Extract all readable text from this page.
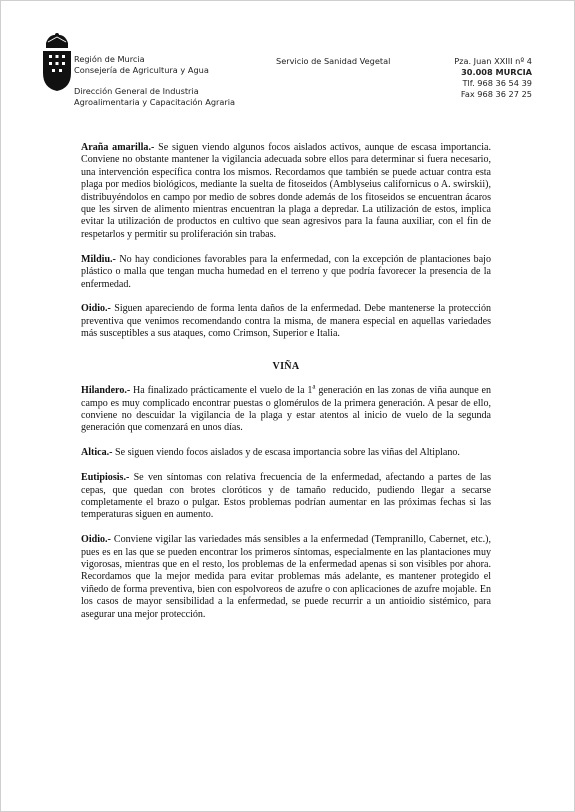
Región de Murcia
Consejería de Agricultura y Agua
Dirección General de Industria
Agroalimentaria y Capacitación Agraria
Servicio de Sanidad Vegetal	Pza. Juan XXIII nº 4
30.008 MURCIA
Tlf. 968 36 54 39
Fax 968 36 27 25

Araña amarilla.- Se siguen viendo algunos focos aislados activos, aunque de escasa importancia. Conviene no obstante mantener la vigilancia adecuada sobre ellos para determinar si fuera necesario, una intervención específica contra los mismos. Recordamos que también se puede actuar contra esta plaga por medios biológicos, mediante la suelta de fitoseidos (Amblyseius californicus o A. swirskii), distribuyéndolos en campo por medio de sobres donde además de los fitoseidos se encuentran ácaros que les sirven de alimento mientras encuentran la plaga a depredar. La utilización de estos, implica evitar la utilización de productos en cultivo que sean agresivos para la fauna auxiliar, con el fin de respetarlos y permitir su proliferación sin trabas.

Mildiu.- No hay condiciones favorables para la enfermedad, con la excepción de plantaciones bajo plástico o malla que tengan mucha humedad en el terreno y que podría favorecer la presencia de la enfermedad.

Oidio.- Siguen apareciendo de forma lenta daños de la enfermedad. Debe mantenerse la protección preventiva que venimos recomendando contra la misma, de manera especial en aquellas variedades más susceptibles a sus ataques, como Crimson, Superior e Italia.

VIÑA

Hilandero.- Ha finalizado prácticamente el vuelo de la 1$^a$ generación en las zonas de viña aunque en campo es muy complicado encontrar puestas o glomérulos de la primera generación. A pesar de ello, conviene no descuidar la vigilancia de la plaga y estar atentos al inicio de vuelo de la segunda generación que comenzará en unos días.

Altica.- Se siguen viendo focos aislados y de escasa importancia sobre las viñas del Altiplano.

Eutipiosis.- Se ven síntomas con relativa frecuencia de la enfermedad, afectando a partes de las cepas, que quedan con brotes cloróticos y de tamaño reducido, pudiendo llegar a secarse completamente el brazo o pulgar. Estos problemas podrían aumentar en las próximas fechas si las temperaturas siguen en aumento.

Oidio.- Conviene vigilar las variedades más sensibles a la enfermedad (Tempranillo, Cabernet, etc.), pues es en las que se pueden encontrar los primeros síntomas, especialmente en las plantaciones muy vigorosas, mientras que en el resto, los problemas de la enfermedad apenas si son visibles por ahora. Recordamos que la mejor medida para evitar problemas más adelante, es mantener protegido el viñedo de forma preventiva, bien con espolvoreos de azufre o con aplicaciones de azufre mojable. En los casos de mayor sensibilidad a la enfermedad, se puede recurrir a un antioidio sistémico, para asegurar una mejor protección.
